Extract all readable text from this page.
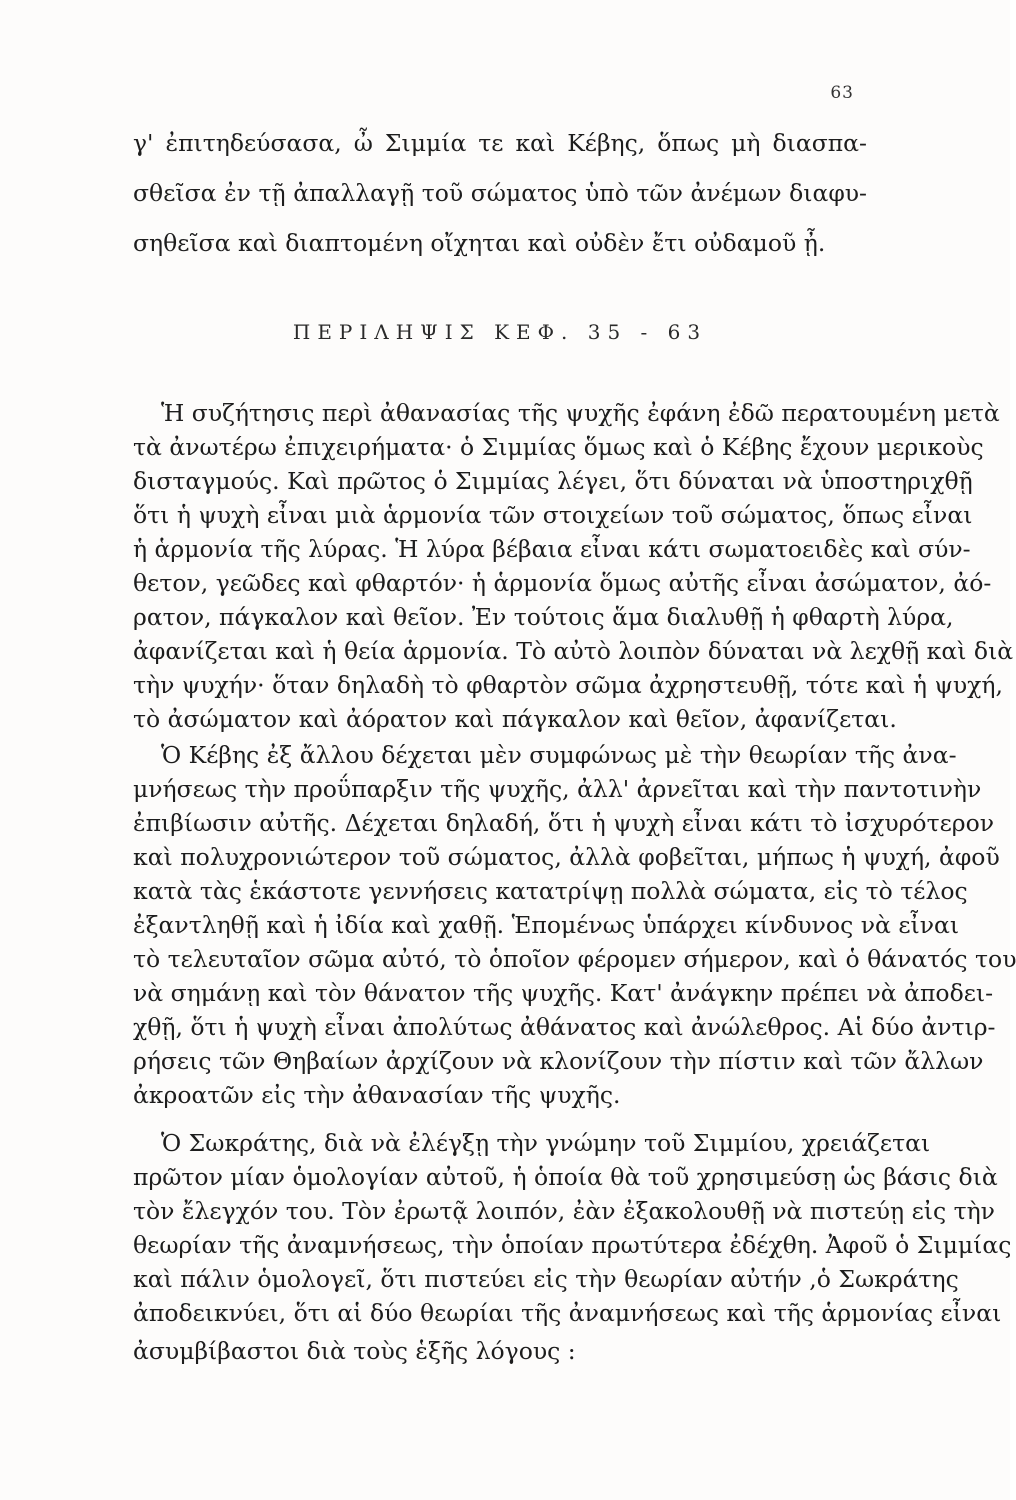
63
γ' ἐπιτηδεύσασα, ὦ Σιμμία τε καὶ Κέβης, ὅπως μὴ διασπα-
σθεῖσα ἐν τῇ ἀπαλλαγῇ τοῦ σώματος ὑπὸ τῶν ἀνέμων διαφυ-
σηθεῖσα καὶ διαπτομένη οἴχηται καὶ οὐδὲν ἔτι οὐδαμοῦ ᾖ.
ΠΕΡΙΛΗΨΙΣ ΚΕΦ. 35 - 63
Ἡ συζήτησις περὶ ἀθανασίας τῆς ψυχῆς ἐφάνη ἐδῶ περατουμένη μετὰ
τὰ ἀνωτέρω ἐπιχειρήματα· ὁ Σιμμίας ὅμως καὶ ὁ Κέβης ἔχουν μερικοὺς
δισταγμούς. Καὶ πρῶτος ὁ Σιμμίας λέγει, ὅτι δύναται νὰ ὑποστηριχθῇ
ὅτι ἡ ψυχὴ εἶναι μιὰ ἁρμονία τῶν στοιχείων τοῦ σώματος, ὅπως εἶναι
ἡ ἁρμονία τῆς λύρας. Ἡ λύρα βέβαια εἶναι κάτι σωματοειδὲς καὶ σύν-
θετον, γεῶδες καὶ φθαρτόν· ἡ ἁρμονία ὅμως αὐτῆς εἶναι ἀσώματον, ἀό-
ρατον, πάγκαλον καὶ θεῖον. Ἐν τούτοις ἅμα διαλυθῇ ἡ φθαρτὴ λύρα,
ἀφανίζεται καὶ ἡ θεία ἁρμονία. Τὸ αὐτὸ λοιπὸν δύναται νὰ λεχθῇ καὶ διὰ
τὴν ψυχήν· ὅταν δηλαδὴ τὸ φθαρτὸν σῶμα ἀχρηστευθῇ, τότε καὶ ἡ ψυχή,
τὸ ἀσώματον καὶ ἀόρατον καὶ πάγκαλον καὶ θεῖον, ἀφανίζεται.
Ὁ Κέβης ἐξ ἄλλου δέχεται μὲν συμφώνως μὲ τὴν θεωρίαν τῆς ἀνα-
μνήσεως τὴν προΰπαρξιν τῆς ψυχῆς, ἀλλ' ἀρνεῖται καὶ τὴν παντοτινὴν
ἐπιβίωσιν αὐτῆς. Δέχεται δηλαδή, ὅτι ἡ ψυχὴ εἶναι κάτι τὸ ἰσχυρότερον
καὶ πολυχρονιώτερον τοῦ σώματος, ἀλλὰ φοβεῖται, μήπως ἡ ψυχή, ἀφοῦ
κατὰ τὰς ἑκάστοτε γεννήσεις κατατρίψῃ πολλὰ σώματα, εἰς τὸ τέλος
ἐξαντληθῇ καὶ ἡ ἰδία καὶ χαθῇ. Ἑπομένως ὑπάρχει κίνδυνος νὰ εἶναι
τὸ τελευταῖον σῶμα αὐτό, τὸ ὁποῖον φέρομεν σήμερον, καὶ ὁ θάνατός του
νὰ σημάνῃ καὶ τὸν θάνατον τῆς ψυχῆς. Κατ' ἀνάγκην πρέπει νὰ ἀποδει-
χθῇ, ὅτι ἡ ψυχὴ εἶναι ἀπολύτως ἀθάνατος καὶ ἀνώλεθρος. Αἱ δύο ἀντιρ-
ρήσεις τῶν Θηβαίων ἀρχίζουν νὰ κλονίζουν τὴν πίστιν καὶ τῶν ἄλλων
ἀκροατῶν εἰς τὴν ἀθανασίαν τῆς ψυχῆς.
Ὁ Σωκράτης, διὰ νὰ ἐλέγξῃ τὴν γνώμην τοῦ Σιμμίου, χρειάζεται
πρῶτον μίαν ὁμολογίαν αὐτοῦ, ἡ ὁποία θὰ τοῦ χρησιμεύσῃ ὡς βάσις διὰ
τὸν ἔλεγχόν του. Τὸν ἐρωτᾷ λοιπόν, ἐὰν ἐξακολουθῇ νὰ πιστεύῃ εἰς τὴν
θεωρίαν τῆς ἀναμνήσεως, τὴν ὁποίαν πρωτύτερα ἐδέχθη. Ἀφοῦ ὁ Σιμμίας
καὶ πάλιν ὁμολογεῖ, ὅτι πιστεύει εἰς τὴν θεωρίαν αὐτήν ,ὁ Σωκράτης
ἀποδεικνύει, ὅτι αἱ δύο θεωρίαι τῆς ἀναμνήσεως καὶ τῆς ἁρμονίας εἶναι
ἀσυμβίβαστοι διὰ τοὺς ἑξῆς λόγους :
